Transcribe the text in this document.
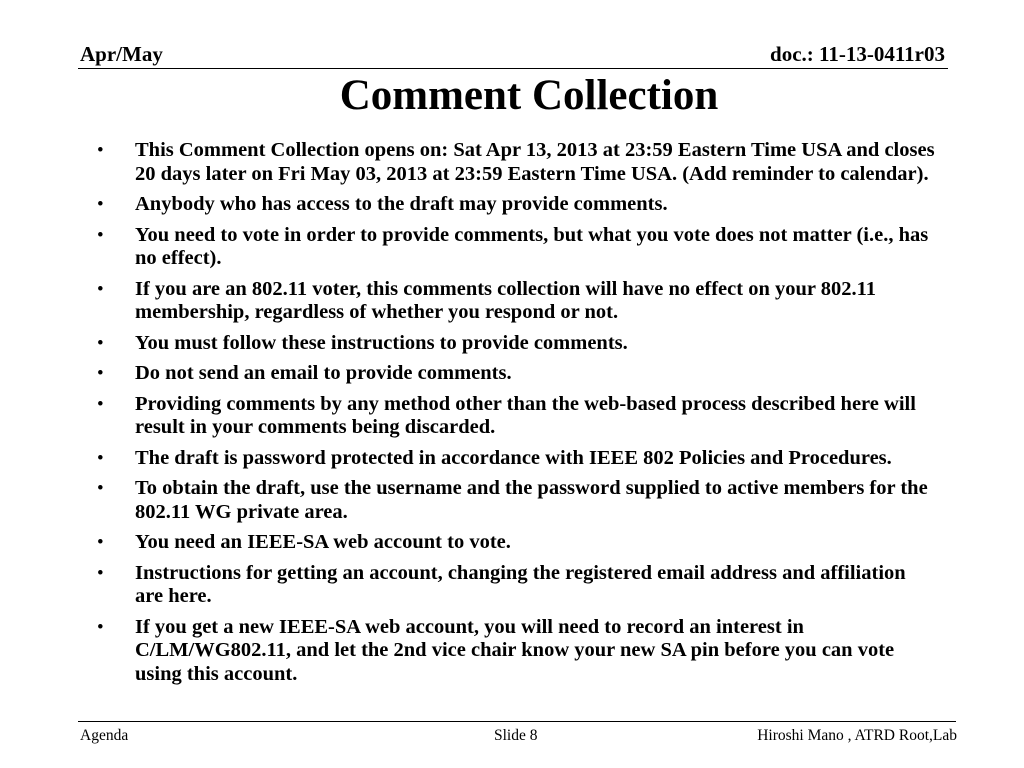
Apr/May	doc.: 11-13-0411r03
Comment Collection
• This Comment Collection opens on: Sat Apr 13, 2013 at 23:59 Eastern Time USA and closes 20 days later on Fri May 03, 2013 at 23:59 Eastern Time USA. (Add reminder to calendar).
• Anybody who has access to the draft may provide comments.
• You need to vote in order to provide comments, but what you vote does not matter (i.e., has no effect).
• If you are an 802.11 voter, this comments collection will have no effect on your 802.11 membership, regardless of whether you respond or not.
• You must follow these instructions to provide comments.
• Do not send an email to provide comments.
• Providing comments by any method other than the web-based process described here will result in your comments being discarded.
• The draft is password protected in accordance with IEEE 802 Policies and Procedures.
• To obtain the draft, use the username and the password supplied to active members for the 802.11 WG private area.
• You need an IEEE-SA web account to vote.
• Instructions for getting an account, changing the registered email address and affiliation are here.
• If you get a new IEEE-SA web account, you will need to record an interest in C/LM/WG802.11, and let the 2nd vice chair know your new SA pin before you can vote using this account.
Agenda	Slide 8	Hiroshi Mano , ATRD Root,Lab
